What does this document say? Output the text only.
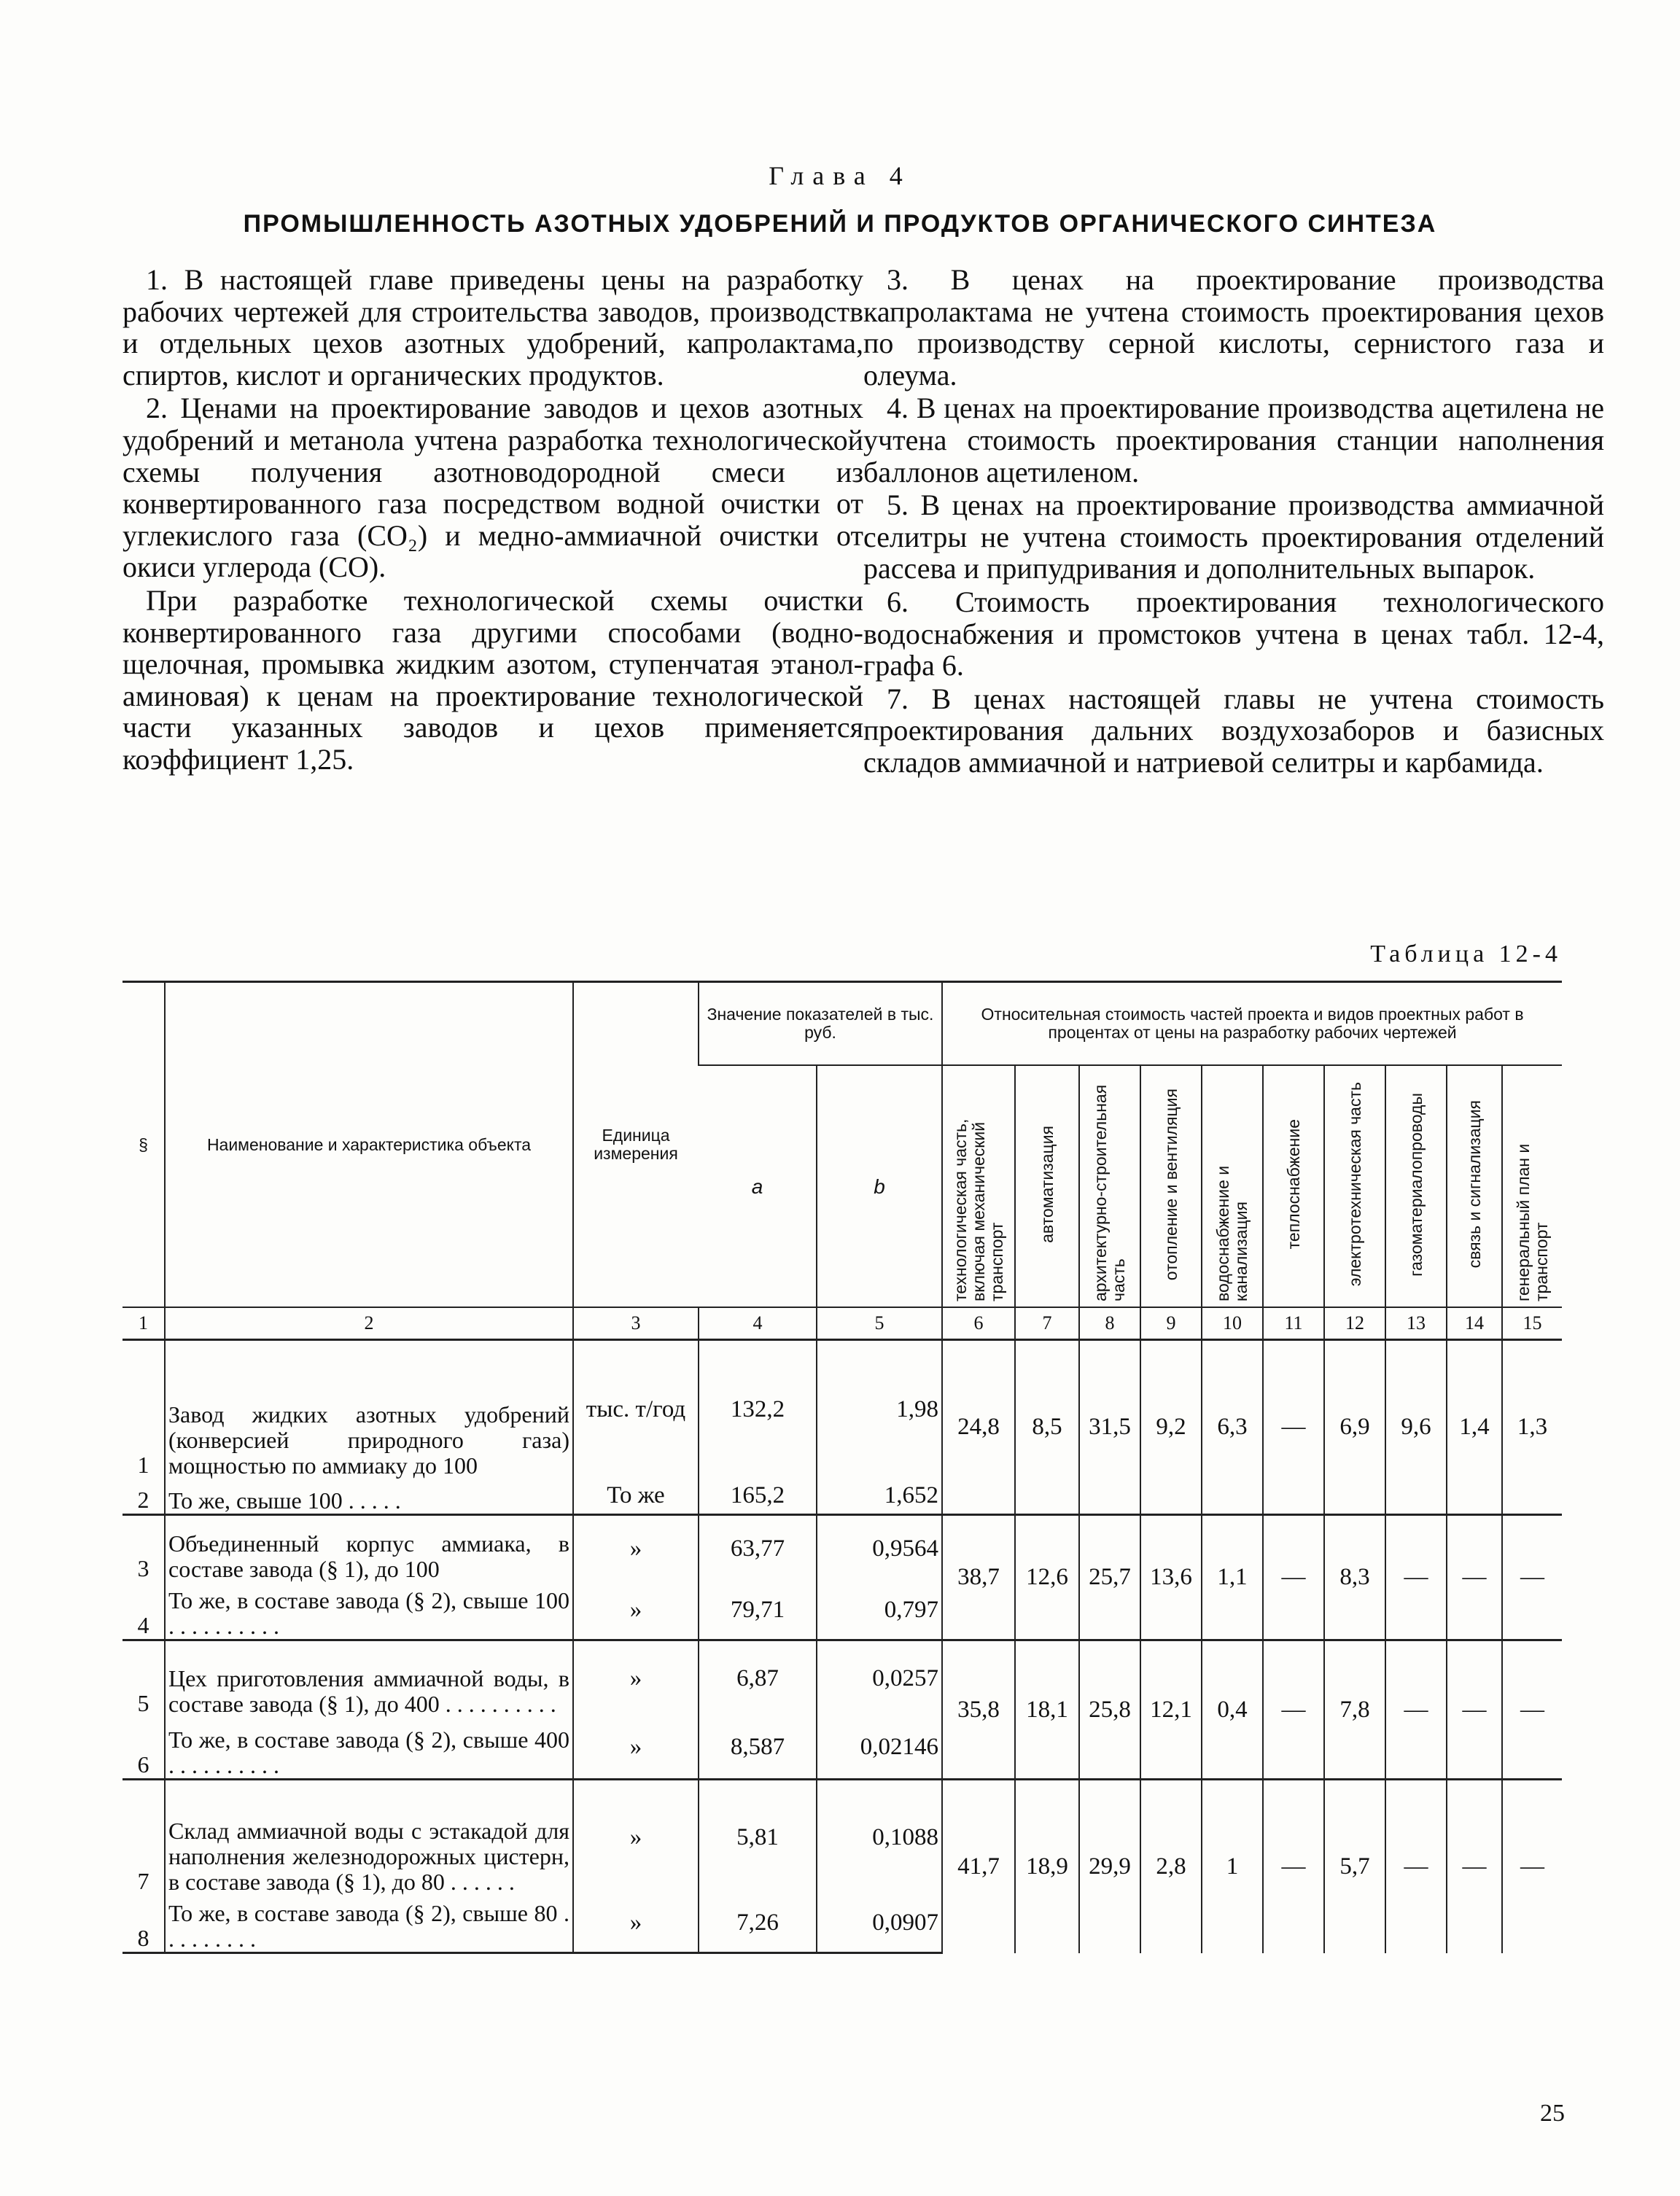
Глава 4
ПРОМЫШЛЕННОСТЬ АЗОТНЫХ УДОБРЕНИЙ И ПРОДУКТОВ ОРГАНИЧЕСКОГО СИНТЕЗА

1. В настоящей главе приведены цены на разработку рабочих чертежей для строительства заводов, производств и отдельных цехов азотных удобрений, капролактама, спиртов, кислот и органических продуктов.

2. Ценами на проектирование заводов и цехов азотных удобрений и метанола учтена разработка технологической схемы получения азотноводородной смеси из конвертированного газа посредством водной очистки от углекислого газа (CO₂) и медно-аммиачной очистки от окиси углерода (CO).

При разработке технологической схемы очистки конвертированного газа другими способами (водно-щелочная, промывка жидким азотом, ступенчатая этанол-аминовая) к ценам на проектирование технологической части указанных заводов и цехов применяется коэффициент 1,25.

3. В ценах на проектирование производства капролактама не учтена стоимость проектирования цехов по производству серной кислоты, сернистого газа и олеума.

4. В ценах на проектирование производства ацетилена не учтена стоимость проектирования станции наполнения баллонов ацетиленом.

5. В ценах на проектирование производства аммиачной селитры не учтена стоимость проектирования отделений рассева и припудривания и дополнительных выпарок.

6. Стоимость проектирования технологического водоснабжения и промстоков учтена в ценах табл. 12-4, графа 6.

7. В ценах настоящей главы не учтена стоимость проектирования дальних воздухозаборов и базисных складов аммиачной и натриевой селитры и карбамида.

Таблица 12-4
§	Наименование и характеристика объекта	Единица измерения	Значение показателей в тыс. руб.		Относительная стоимость частей проекта и видов проектных работ в процентах от цены на разработку рабочих чертежей									
			a	b	технологическая часть, включая механический транспорт	автоматизация	архитектурно-строительная часть	отопление и вентиляция	водоснабжение и канализация	теплоснабжение	электротехническая часть	газоматериалопроводы	связь и сигнализация	генеральный план и транспорт
1	2	3	4	5	6	7	8	9	10	11	12	13	14	15
1	Завод жидких азотных удобрений (конверсией природного газа) мощностью по аммиаку до 100	тыс. т/год	132,2	1,98	24,8	8,5	31,5	9,2	6,3	—	6,9	9,6	1,4	1,3
2	То же, свыше 100 . . . . .	То же	165,2	1,652										
3	Объединенный корпус аммиака, в составе завода (§ 1), до 100	»	63,77	0,9564	38,7	12,6	25,7	13,6	1,1	—	8,3	—	—	—
4	То же, в составе завода (§ 2), свыше 100 . . . . . . . . . .	»	79,71	0,797										
5	Цех приготовления аммиачной воды, в составе завода (§ 1), до 400 . . . . . . . . . .	»	6,87	0,0257	35,8	18,1	25,8	12,1	0,4	—	7,8	—	—	—
6	То же, в составе завода (§ 2), свыше 400 . . . . . . . . . .	»	8,587	0,02146										
7	Склад аммиачной воды с эстакадой для наполнения железнодорожных цистерн, в составе завода (§ 1), до 80 . . . . . .	»	5,81	0,1088	41,7	18,9	29,9	2,8	1	—	5,7	—	—	—
8	То же, в составе завода (§ 2), свыше 80 . . . . . . . . .	»	7,26	0,0907										
25
